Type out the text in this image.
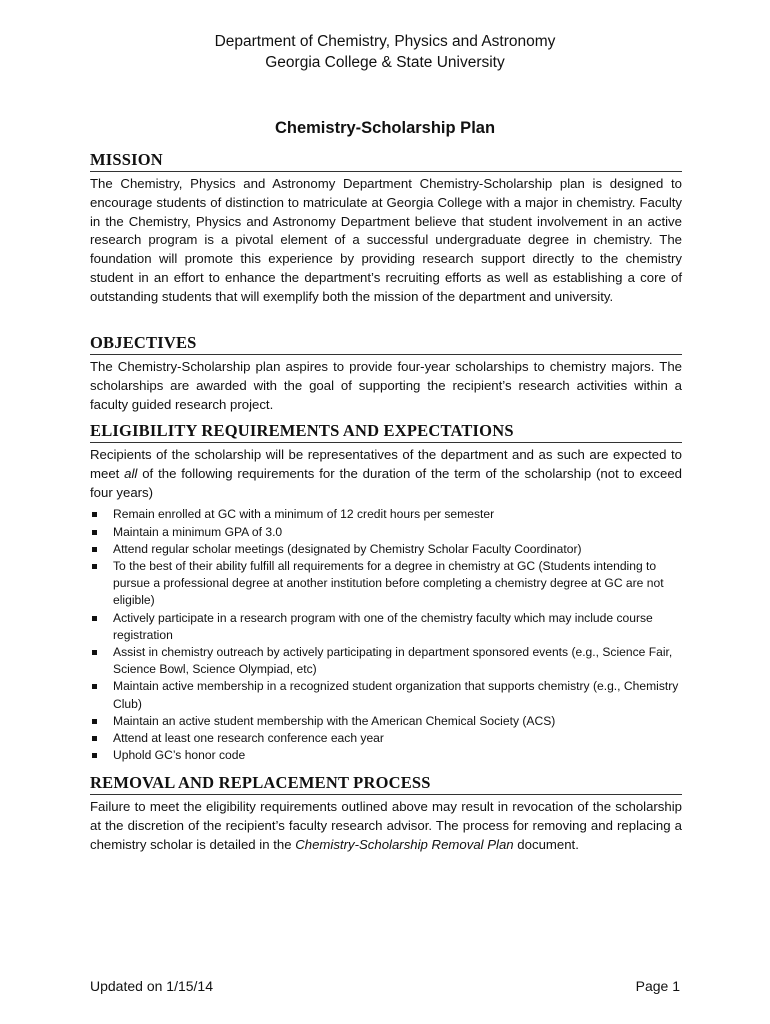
Department of Chemistry, Physics and Astronomy
Georgia College & State University
Chemistry-Scholarship Plan
MISSION

The Chemistry, Physics and Astronomy Department Chemistry-Scholarship plan is designed to encourage students of distinction to matriculate at Georgia College with a major in chemistry. Faculty in the Chemistry, Physics and Astronomy Department believe that student involvement in an active research program is a pivotal element of a successful undergraduate degree in chemistry. The foundation will promote this experience by providing research support directly to the chemistry student in an effort to enhance the department’s recruiting efforts as well as establishing a core of outstanding students that will exemplify both the mission of the department and university.

OBJECTIVES

The Chemistry-Scholarship plan aspires to provide four-year scholarships to chemistry majors. The scholarships are awarded with the goal of supporting the recipient’s research activities within a faculty guided research project.

ELIGIBILITY REQUIREMENTS AND EXPECTATIONS

Recipients of the scholarship will be representatives of the department and as such are expected to meet all of the following requirements for the duration of the term of the scholarship (not to exceed four years)

Remain enrolled at GC with a minimum of 12 credit hours per semester
Maintain a minimum GPA of 3.0
Attend regular scholar meetings (designated by Chemistry Scholar Faculty Coordinator)
To the best of their ability fulfill all requirements for a degree in chemistry at GC (Students intending to pursue a professional degree at another institution before completing a chemistry degree at GC are not eligible)
Actively participate in a research program with one of the chemistry faculty which may include course registration
Assist in chemistry outreach by actively participating in department sponsored events (e.g., Science Fair, Science Bowl, Science Olympiad, etc)
Maintain active membership in a recognized student organization that supports chemistry (e.g., Chemistry Club)
Maintain an active student membership with the American Chemical Society (ACS)
Attend at least one research conference each year
Uphold GC’s honor code
REMOVAL AND REPLACEMENT PROCESS

Failure to meet the eligibility requirements outlined above may result in revocation of the scholarship at the discretion of the recipient’s faculty research advisor. The process for removing and replacing a chemistry scholar is detailed in the Chemistry-Scholarship Removal Plan document.

Updated on 1/15/14	Page 1
